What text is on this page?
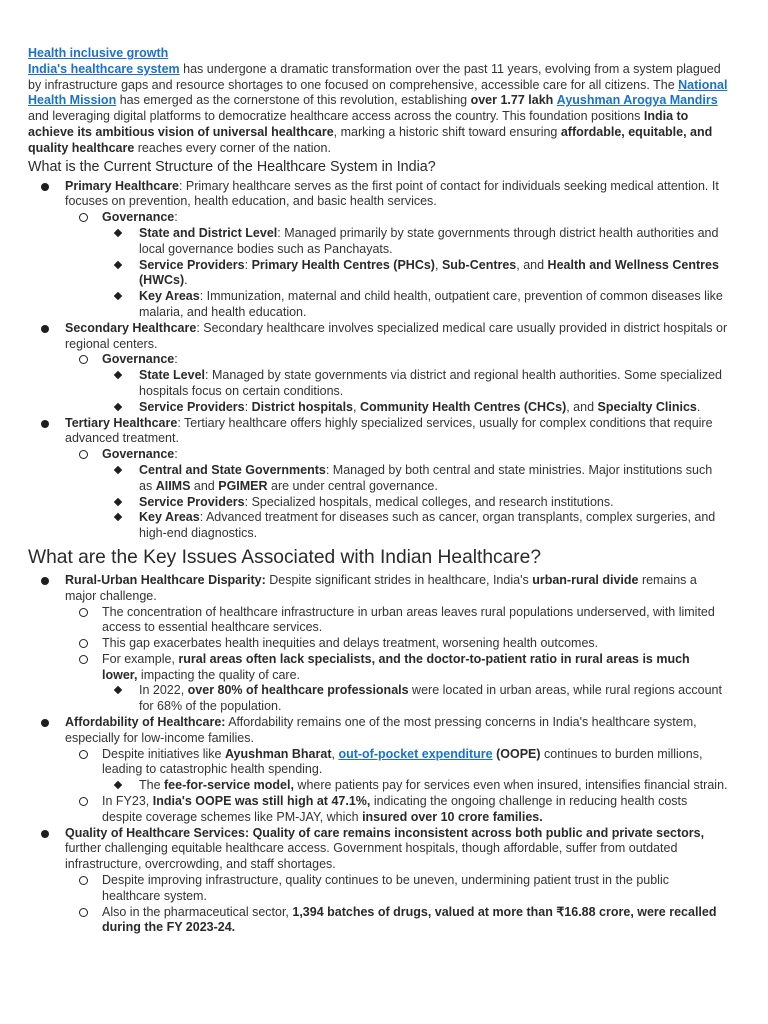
Health inclusive growth

India's healthcare system has undergone a dramatic transformation over the past 11 years, evolving from a system plagued by infrastructure gaps and resource shortages to one focused on comprehensive, accessible care for all citizens. The National Health Mission has emerged as the cornerstone of this revolution, establishing over 1.77 lakh Ayushman Arogya Mandirs and leveraging digital platforms to democratize healthcare access across the country. This foundation positions India to achieve its ambitious vision of universal healthcare, marking a historic shift toward ensuring affordable, equitable, and quality healthcare reaches every corner of the nation.

What is the Current Structure of the Healthcare System in India?
Primary Healthcare: Primary healthcare serves as the first point of contact for individuals seeking medical attention. It focuses on prevention, health education, and basic health services.
Governance:
State and District Level: Managed primarily by state governments through district health authorities and local governance bodies such as Panchayats.
Service Providers: Primary Health Centres (PHCs), Sub-Centres, and Health and Wellness Centres (HWCs).
Key Areas: Immunization, maternal and child health, outpatient care, prevention of common diseases like malaria, and health education.
Secondary Healthcare: Secondary healthcare involves specialized medical care usually provided in district hospitals or regional centers.
Governance:
State Level: Managed by state governments via district and regional health authorities. Some specialized hospitals focus on certain conditions.
Service Providers: District hospitals, Community Health Centres (CHCs), and Specialty Clinics.
Tertiary Healthcare: Tertiary healthcare offers highly specialized services, usually for complex conditions that require advanced treatment.
Governance:
Central and State Governments: Managed by both central and state ministries. Major institutions such as AIIMS and PGIMER are under central governance.
Service Providers: Specialized hospitals, medical colleges, and research institutions.
Key Areas: Advanced treatment for diseases such as cancer, organ transplants, complex surgeries, and high-end diagnostics.
What are the Key Issues Associated with Indian Healthcare?
Rural-Urban Healthcare Disparity: Despite significant strides in healthcare, India's urban-rural divide remains a major challenge.
The concentration of healthcare infrastructure in urban areas leaves rural populations underserved, with limited access to essential healthcare services.
This gap exacerbates health inequities and delays treatment, worsening health outcomes.
For example, rural areas often lack specialists, and the doctor-to-patient ratio in rural areas is much lower, impacting the quality of care.
In 2022, over 80% of healthcare professionals were located in urban areas, while rural regions account for 68% of the population.
Affordability of Healthcare: Affordability remains one of the most pressing concerns in India's healthcare system, especially for low-income families.
Despite initiatives like Ayushman Bharat, out-of-pocket expenditure (OOPE) continues to burden millions, leading to catastrophic health spending.
The fee-for-service model, where patients pay for services even when insured, intensifies financial strain.
In FY23, India's OOPE was still high at 47.1%, indicating the ongoing challenge in reducing health costs despite coverage schemes like PM-JAY, which insured over 10 crore families.
Quality of Healthcare Services: Quality of care remains inconsistent across both public and private sectors, further challenging equitable healthcare access. Government hospitals, though affordable, suffer from outdated infrastructure, overcrowding, and staff shortages.
Despite improving infrastructure, quality continues to be uneven, undermining patient trust in the public healthcare system.
Also in the pharmaceutical sector, 1,394 batches of drugs, valued at more than ₹16.88 crore, were recalled during the FY 2023-24.
